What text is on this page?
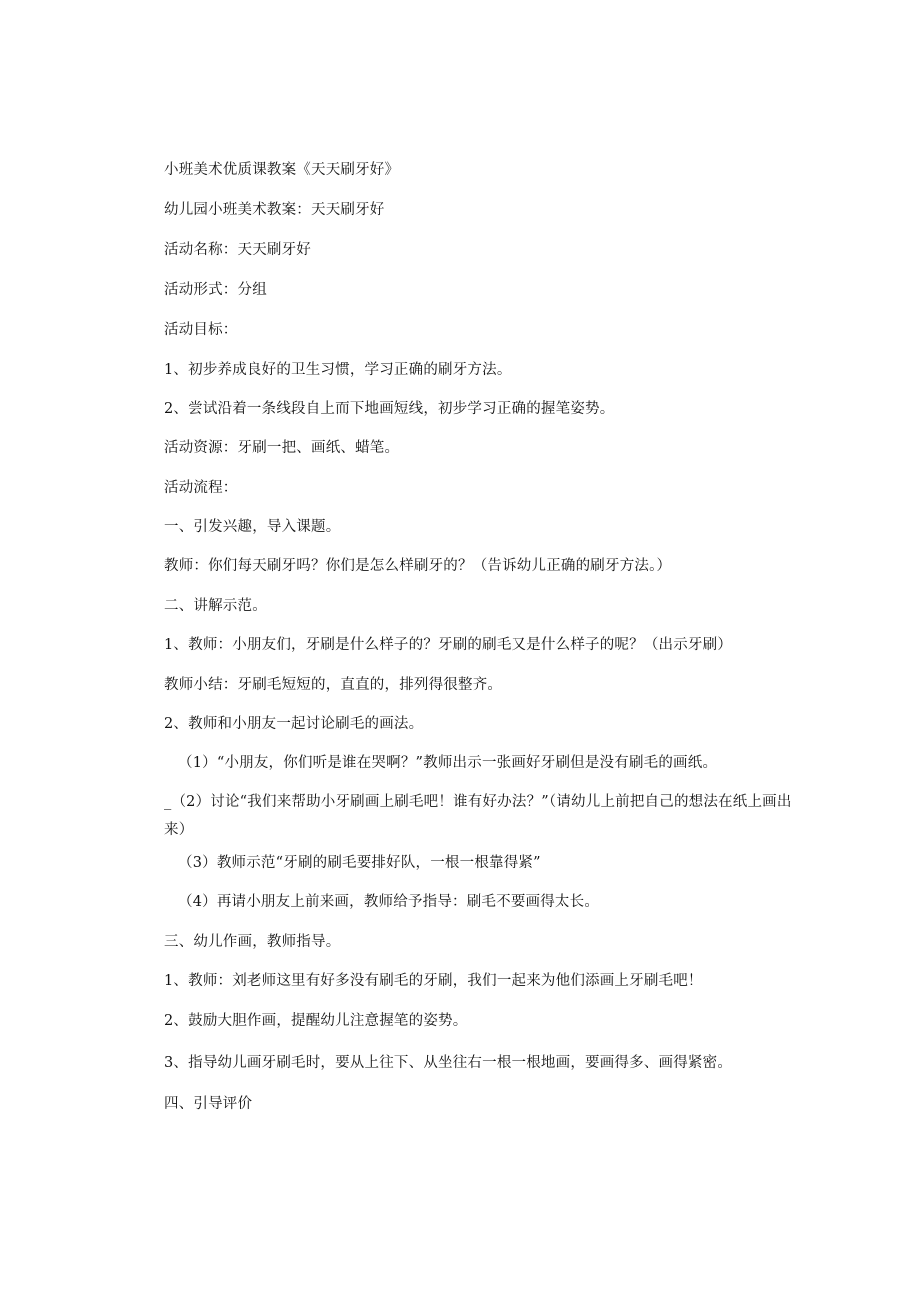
小班美术优质课教案《天天刷牙好》
幼儿园小班美术教案：天天刷牙好
活动名称：天天刷牙好
活动形式：分组
活动目标：
1、初步养成良好的卫生习惯，学习正确的刷牙方法。
2、尝试沿着一条线段自上而下地画短线，初步学习正确的握笔姿势。
活动资源：牙刷一把、画纸、蜡笔。
活动流程：
一、引发兴趣，导入课题。
教师：你们每天刷牙吗？你们是怎么样刷牙的？（告诉幼儿正确的刷牙方法。）
二、讲解示范。
1、教师：小朋友们，牙刷是什么样子的？牙刷的刷毛又是什么样子的呢？（出示牙刷）
教师小结：牙刷毛短短的，直直的，排列得很整齐。
2、教师和小朋友一起讨论刷毛的画法。
（1）“小朋友，你们听是谁在哭啊？”教师出示一张画好牙刷但是没有刷毛的画纸。
_（2）讨论“我们来帮助小牙刷画上刷毛吧！谁有好办法？”（请幼儿上前把自己的想法在纸上画出来）
（3）教师示范“牙刷的刷毛要排好队，一根一根靠得紧”
（4）再请小朋友上前来画，教师给予指导：刷毛不要画得太长。
三、幼儿作画，教师指导。
1、教师：刘老师这里有好多没有刷毛的牙刷，我们一起来为他们添画上牙刷毛吧！
2、鼓励大胆作画，提醒幼儿注意握笔的姿势。
3、指导幼儿画牙刷毛时，要从上往下、从坐往右一根一根地画，要画得多、画得紧密。
四、引导评价
